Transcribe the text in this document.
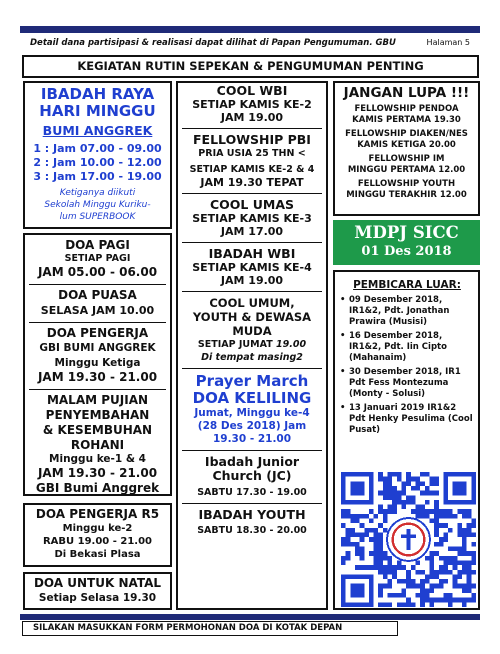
Detail dana partisipasi & realisasi dapat dilihat di Papan Pengumuman. GBU	Halaman 5
KEGIATAN RUTIN SEPEKAN & PENGUMUMAN PENTING
IBADAH RAYA
HARI MINGGU
BUMI ANGGREK
1 : Jam 07.00 - 09.00
2 : Jam 10.00 - 12.00
3 : Jam 17.00 - 19.00
Ketiganya diikuti
Sekolah Minggu Kuriku-
lum SUPERBOOK
DOA PAGI
SETIAP PAGI
JAM 05.00 - 06.00
DOA PUASA
SELASA JAM 10.00
DOA PENGERJA
GBI BUMI ANGGREK
Minggu Ketiga
JAM 19.30 - 21.00
MALAM PUJIAN
PENYEMBAHAN
& KESEMBUHAN
ROHANI
Minggu ke-1 & 4
JAM 19.30 - 21.00
GBI Bumi Anggrek
DOA PENGERJA R5
Minggu ke-2
RABU 19.00 - 21.00
Di Bekasi Plasa
DOA UNTUK NATAL
Setiap Selasa 19.30
COOL WBI
SETIAP KAMIS KE-2
JAM 19.00
FELLOWSHIP PBI
PRIA USIA 25 THN <
SETIAP KAMIS KE-2 & 4
JAM 19.30 TEPAT
COOL UMAS
SETIAP KAMIS KE-3
JAM 17.00
IBADAH WBI
SETIAP KAMIS KE-4
JAM 19.00
COOL UMUM,
YOUTH & DEWASA
MUDA
SETIAP JUMAT 19.00
Di tempat masing2
Prayer March
DOA KELILING
Jumat, Minggu ke-4
(28 Des 2018) Jam
19.30 - 21.00
Ibadah Junior
Church (JC)
SABTU 17.30 - 19.00
IBADAH YOUTH
SABTU 18.30 - 20.00
JANGAN LUPA !!!
FELLOWSHIP PENDOA
KAMIS PERTAMA 19.30
FELLOWSHIP DIAKEN/NES
KAMIS KETIGA 20.00
FELLOWSHIP IM
MINGGU PERTAMA 12.00
FELLOWSHIP YOUTH
MINGGU TERAKHIR 12.00
MDPJ SICC
01 Des 2018
PEMBICARA LUAR:
• 09 Desember 2018, IR1&2, Pdt. Jonathan Prawira (Musisi)
• 16 Desember 2018, IR1&2, Pdt. Iin Cipto (Mahanaim)
• 30 Desember 2018, IR1 Pdt Fess Montezuma (Monty - Solusi)
• 13 Januari 2019 IR1&2 Pdt Henky Pesulima (Cool Pusat)
SILAKAN MASUKKAN FORM PERMOHONAN DOA DI KOTAK DEPAN
